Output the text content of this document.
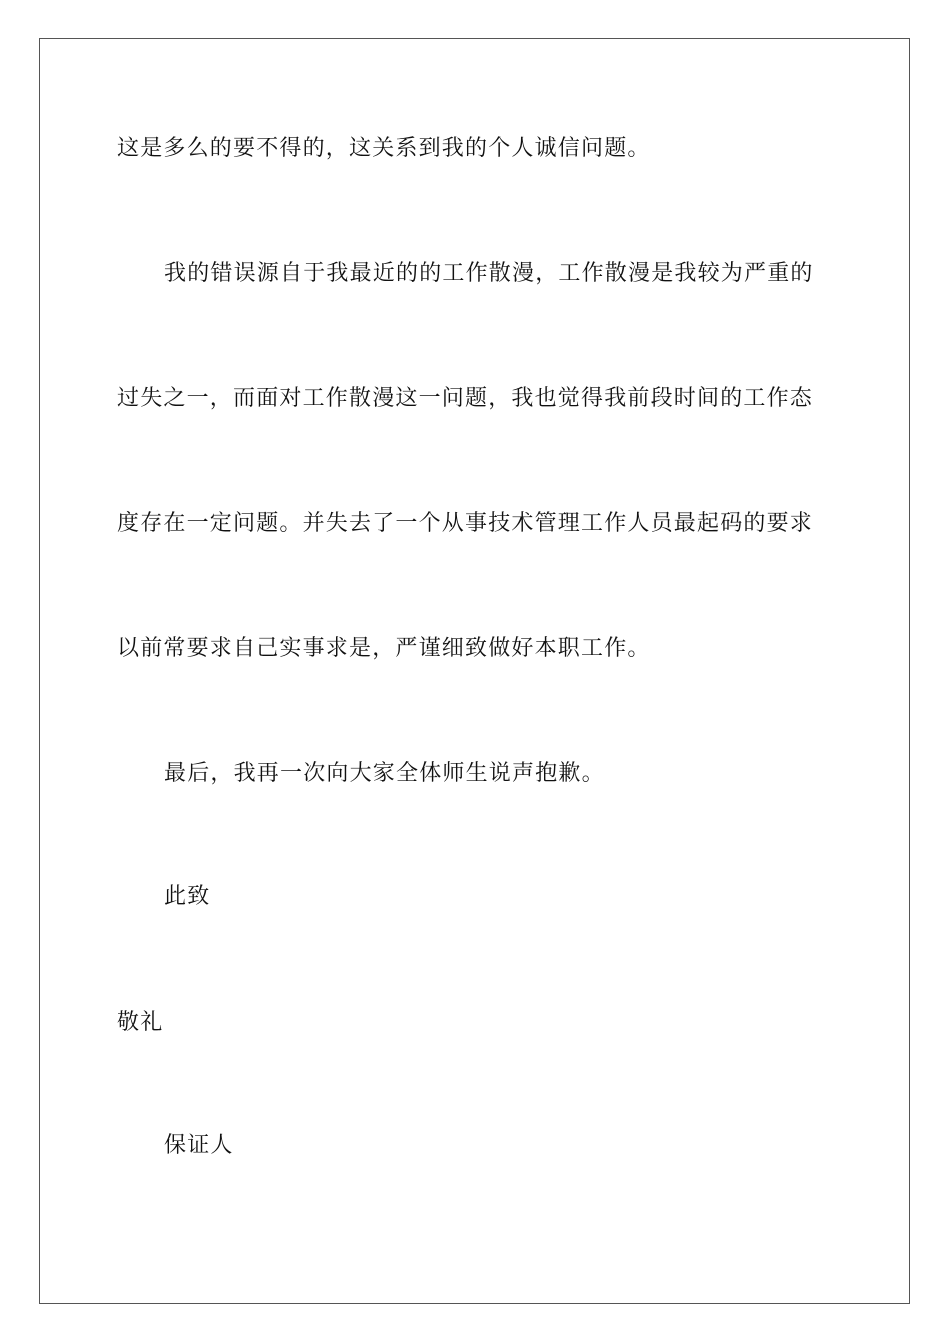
这是多么的要不得的，这关系到我的个人诚信问题。
我的错误源自于我最近的的工作散漫，工作散漫是我较为严重的
过失之一，而面对工作散漫这一问题，我也觉得我前段时间的工作态
度存在一定问题。并失去了一个从事技术管理工作人员最起码的要求
以前常要求自己实事求是，严谨细致做好本职工作。
最后，我再一次向大家全体师生说声抱歉。
此致
敬礼
保证人
